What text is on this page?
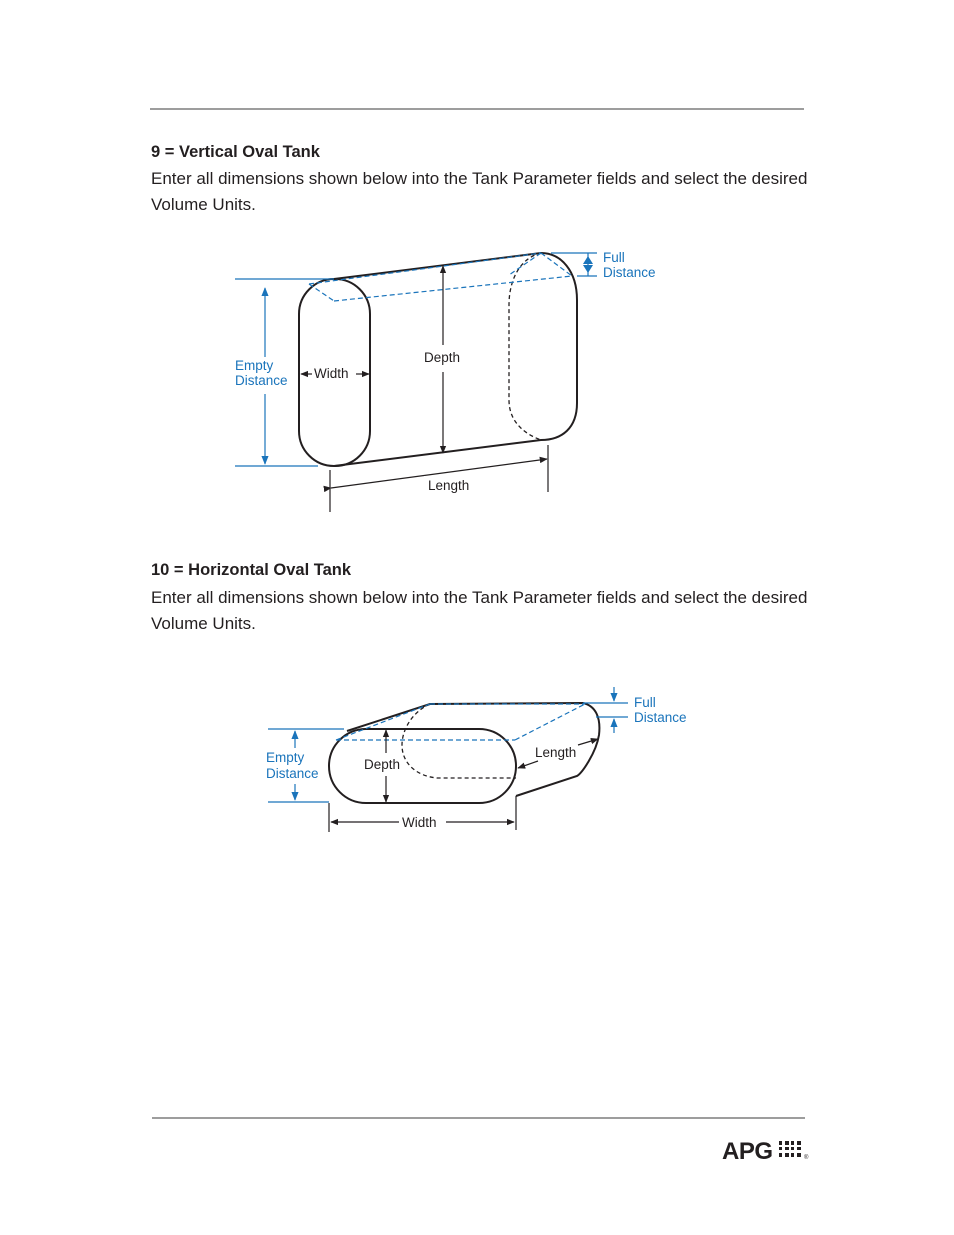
9 = Vertical Oval Tank

Enter all dimensions shown below into the Tank Parameter fields and select the desired Volume Units.

Full
Distance
Empty
Distance Width
Depth
Length
10 = Horizontal Oval Tank

Enter all dimensions shown below into the Tank Parameter fields and select the desired Volume Units.

Full
Distance
Empty
Distance
Depth
Length
Width
APG	®
